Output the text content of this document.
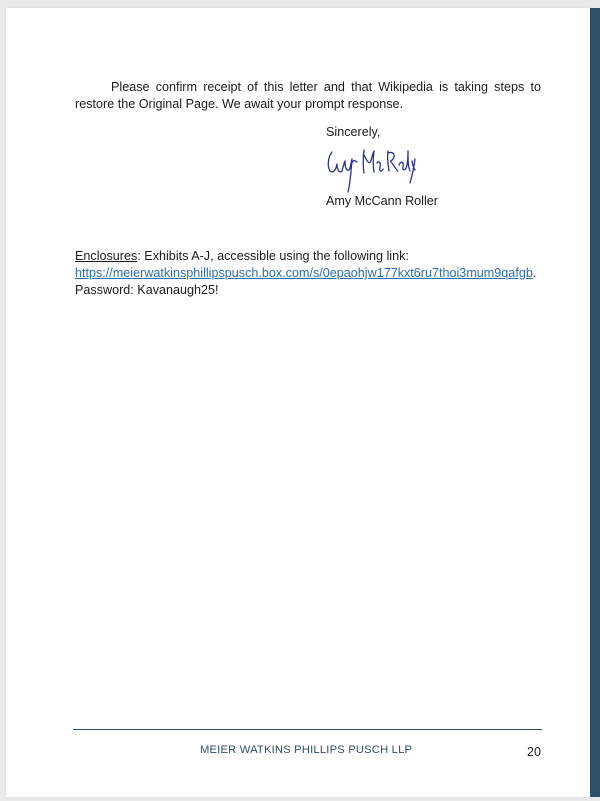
Please confirm receipt of this letter and that Wikipedia is taking steps to restore the Original Page. We await your prompt response.

Sincerely,
Amy McCann Roller
Enclosures: Exhibits A-J, accessible using the following link:
https://meierwatkinsphillipspusch.box.com/s/0epaohjw177kxt6ru7thoi3mum9qafgb.
Password: Kavanaugh25!
MEIER WATKINS PHILLIPS PUSCH LLP	20
